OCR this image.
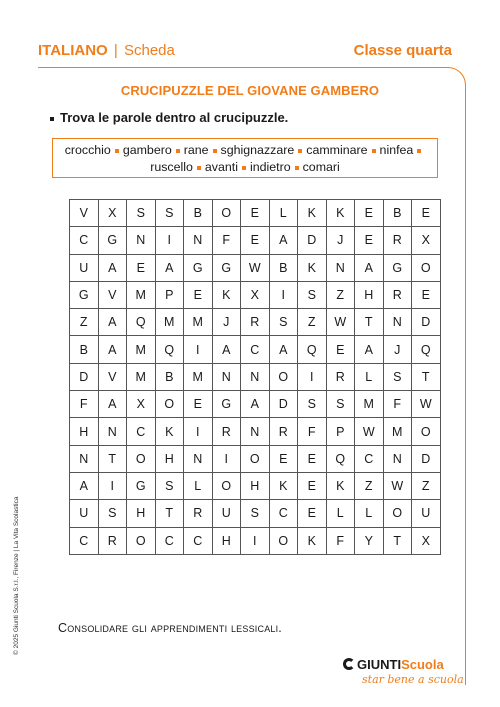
ITALIANO | Scheda	Classe quarta
CRUCIPUZZLE DEL GIOVANE GAMBERO
Trova le parole dentro al crucipuzzle.
crocchio gambero rane sghignazzare camminare ninfea
ruscello avanti indietro comari
V	X	S	S	B	O	E	L	K	K	E	B	E
C	G	N	I	N	F	E	A	D	J	E	R	X
U	A	E	A	G	G	W	B	K	N	A	G	O
G	V	M	P	E	K	X	I	S	Z	H	R	E
Z	A	Q	M	M	J	R	S	Z	W	T	N	D
B	A	M	Q	I	A	C	A	Q	E	A	J	Q
D	V	M	B	M	N	N	O	I	R	L	S	T
F	A	X	O	E	G	A	D	S	S	M	F	W
H	N	C	K	I	R	N	R	F	P	W	M	O
N	T	O	H	N	I	O	E	E	Q	C	N	D
A	I	G	S	L	O	H	K	E	K	Z	W	Z
U	S	H	T	R	U	S	C	E	L	L	O	U
C	R	O	C	C	H	I	O	K	F	Y	T	X
Consolidare gli apprendimenti lessicali.
© 2025 Giunti Scuola S.r.l., Firenze | La Vita Scolastica
GIUNTIScuola
star bene a scuola
